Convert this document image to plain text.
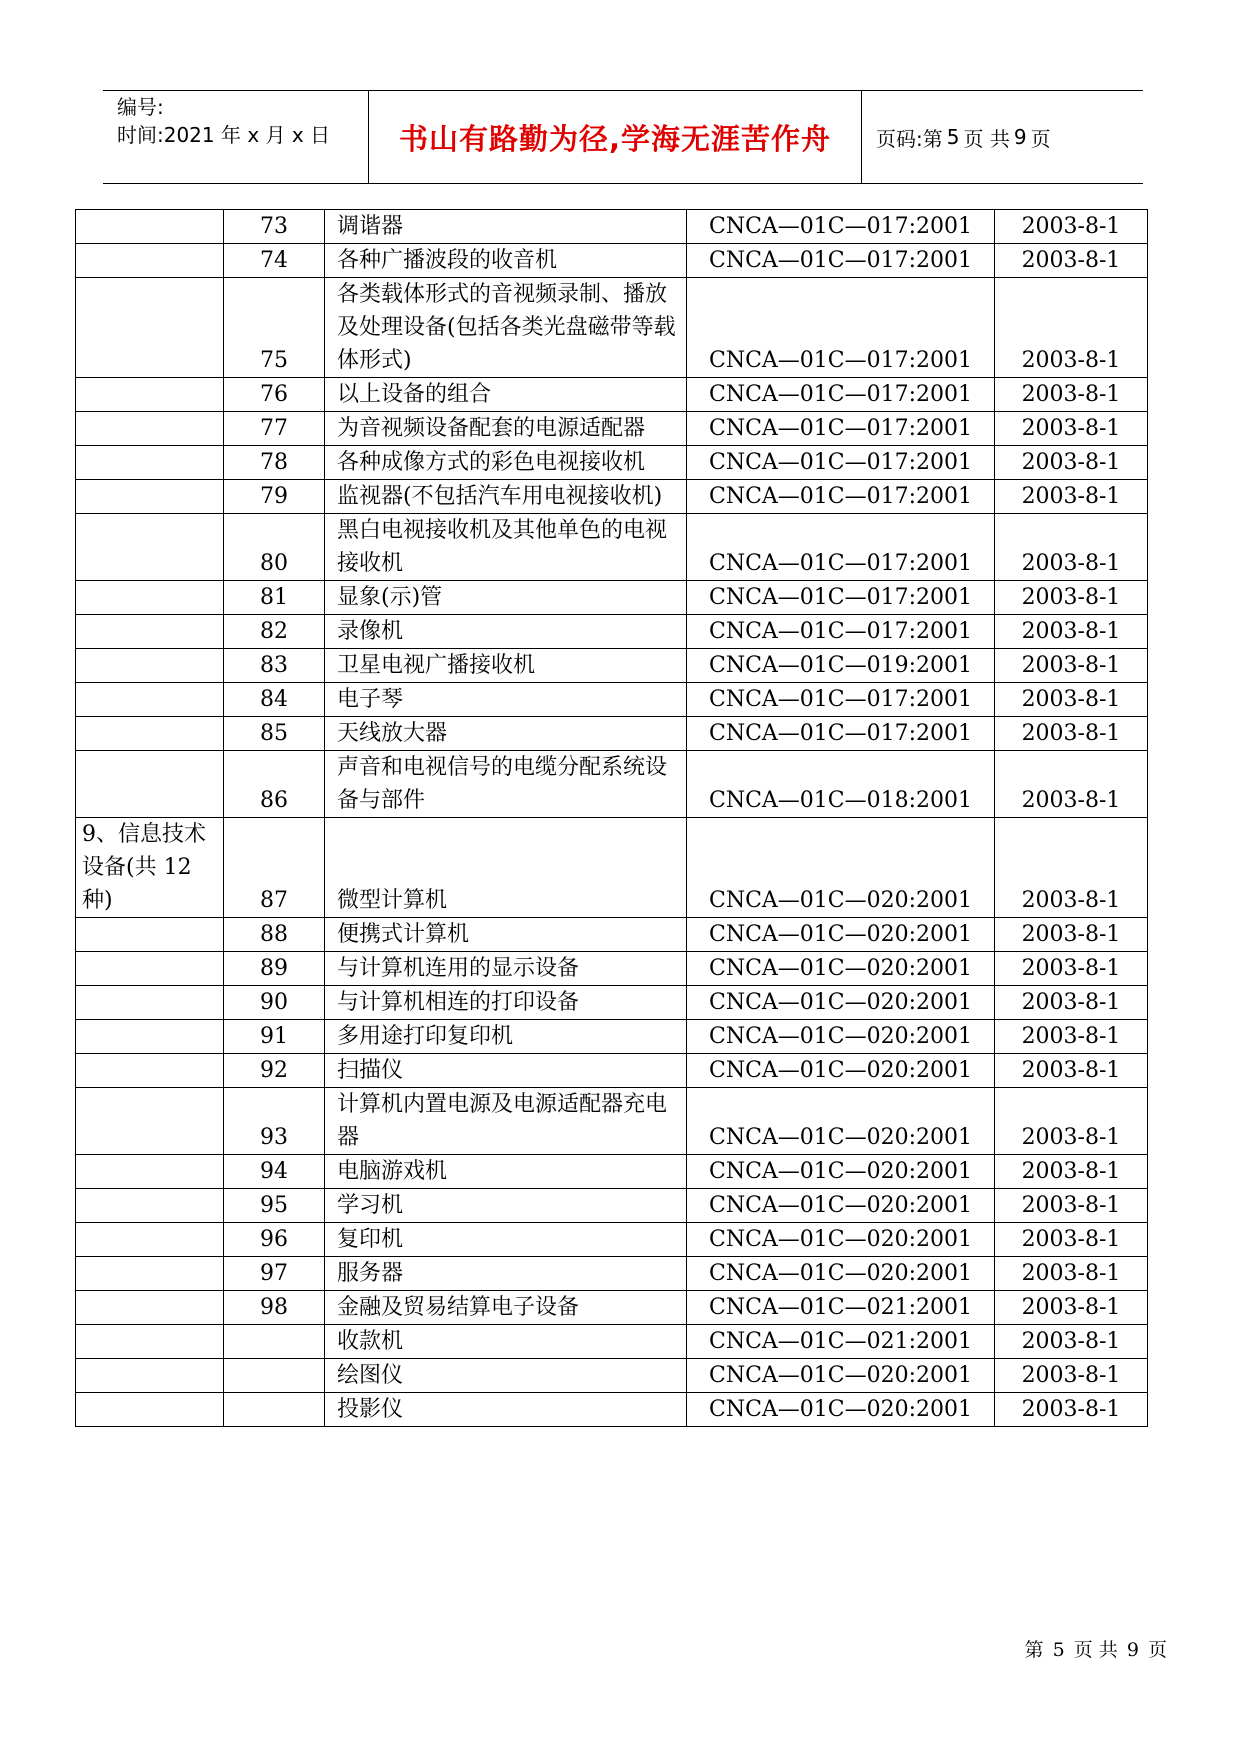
编号:
时间:2021 年 x 月 x 日	书山有路勤为径,学海无涯苦作舟 页码:第 5 页 共 9 页
	73	调谐器	CNCA—01C—017:2001	2003-8-1
	74	各种广播波段的收音机	CNCA—01C—017:2001	2003-8-1
	75	各类载体形式的音视频录制、播放及处理设备(包括各类光盘磁带等载体形式)	CNCA—01C—017:2001	2003-8-1
	76	以上设备的组合	CNCA—01C—017:2001	2003-8-1
	77	为音视频设备配套的电源适配器	CNCA—01C—017:2001	2003-8-1
	78	各种成像方式的彩色电视接收机	CNCA—01C—017:2001	2003-8-1
	79	监视器(不包括汽车用电视接收机)	CNCA—01C—017:2001	2003-8-1
	80	黑白电视接收机及其他单色的电视接收机	CNCA—01C—017:2001	2003-8-1
	81	显象(示)管	CNCA—01C—017:2001	2003-8-1
	82	录像机	CNCA—01C—017:2001	2003-8-1
	83	卫星电视广播接收机	CNCA—01C—019:2001	2003-8-1
	84	电子琴	CNCA—01C—017:2001	2003-8-1
	85	天线放大器	CNCA—01C—017:2001	2003-8-1
	86	声音和电视信号的电缆分配系统设备与部件	CNCA—01C—018:2001	2003-8-1
9、信息技术设备(共 12 种)	87	微型计算机	CNCA—01C—020:2001	2003-8-1
	88	便携式计算机	CNCA—01C—020:2001	2003-8-1
	89	与计算机连用的显示设备	CNCA—01C—020:2001	2003-8-1
	90	与计算机相连的打印设备	CNCA—01C—020:2001	2003-8-1
	91	多用途打印复印机	CNCA—01C—020:2001	2003-8-1
	92	扫描仪	CNCA—01C—020:2001	2003-8-1
	93	计算机内置电源及电源适配器充电器	CNCA—01C—020:2001	2003-8-1
	94	电脑游戏机	CNCA—01C—020:2001	2003-8-1
	95	学习机	CNCA—01C—020:2001	2003-8-1
	96	复印机	CNCA—01C—020:2001	2003-8-1
	97	服务器	CNCA—01C—020:2001	2003-8-1
	98	金融及贸易结算电子设备	CNCA—01C—021:2001	2003-8-1
		收款机	CNCA—01C—021:2001	2003-8-1
		绘图仪	CNCA—01C—020:2001	2003-8-1
		投影仪	CNCA—01C—020:2001	2003-8-1
第 5 页 共 9 页
